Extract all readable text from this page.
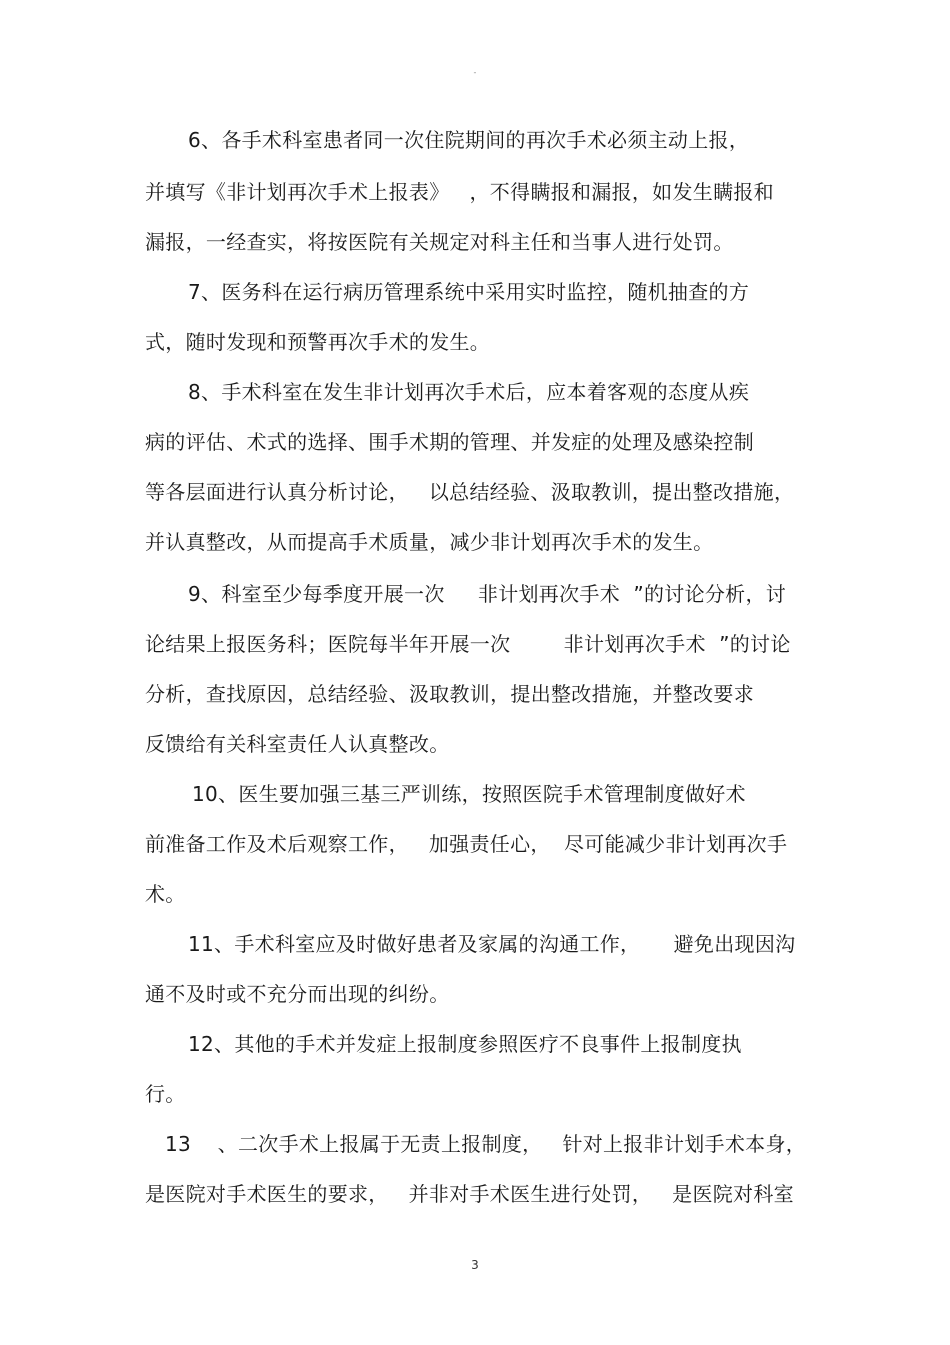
-
6、各手术科室患者同一次住院期间的再次手术必须主动上报，
并填写《非计划再次手术上报表》   ，不得瞒报和漏报，如发生瞒报和
漏报，一经查实，将按医院有关规定对科主任和当事人进行处罚。
7、医务科在运行病历管理系统中采用实时监控，随机抽查的方
式，随时发现和预警再次手术的发生。
8、手术科室在发生非计划再次手术后，应本着客观的态度从疾
病的评估、术式的选择、围手术期的管理、并发症的处理及感染控制
等各层面进行认真分析讨论，   以总结经验、汲取教训，提出整改措施，
并认真整改，从而提高手术质量，减少非计划再次手术的发生。
9、科室至少每季度开展一次     非计划再次手术  ”的讨论分析，讨
论结果上报医务科；医院每半年开展一次        非计划再次手术  ”的讨论
分析，查找原因，总结经验、汲取教训，提出整改措施，并整改要求
反馈给有关科室责任人认真整改。
10、医生要加强三基三严训练，按照医院手术管理制度做好术
前准备工作及术后观察工作，   加强责任心，  尽可能减少非计划再次手
术。
11、手术科室应及时做好患者及家属的沟通工作，     避免出现因沟
通不及时或不充分而出现的纠纷。
12、其他的手术并发症上报制度参照医疗不良事件上报制度执
行。
13    、二次手术上报属于无责上报制度，   针对上报非计划手术本身，
是医院对手术医生的要求，   并非对手术医生进行处罚，   是医院对科室
3
